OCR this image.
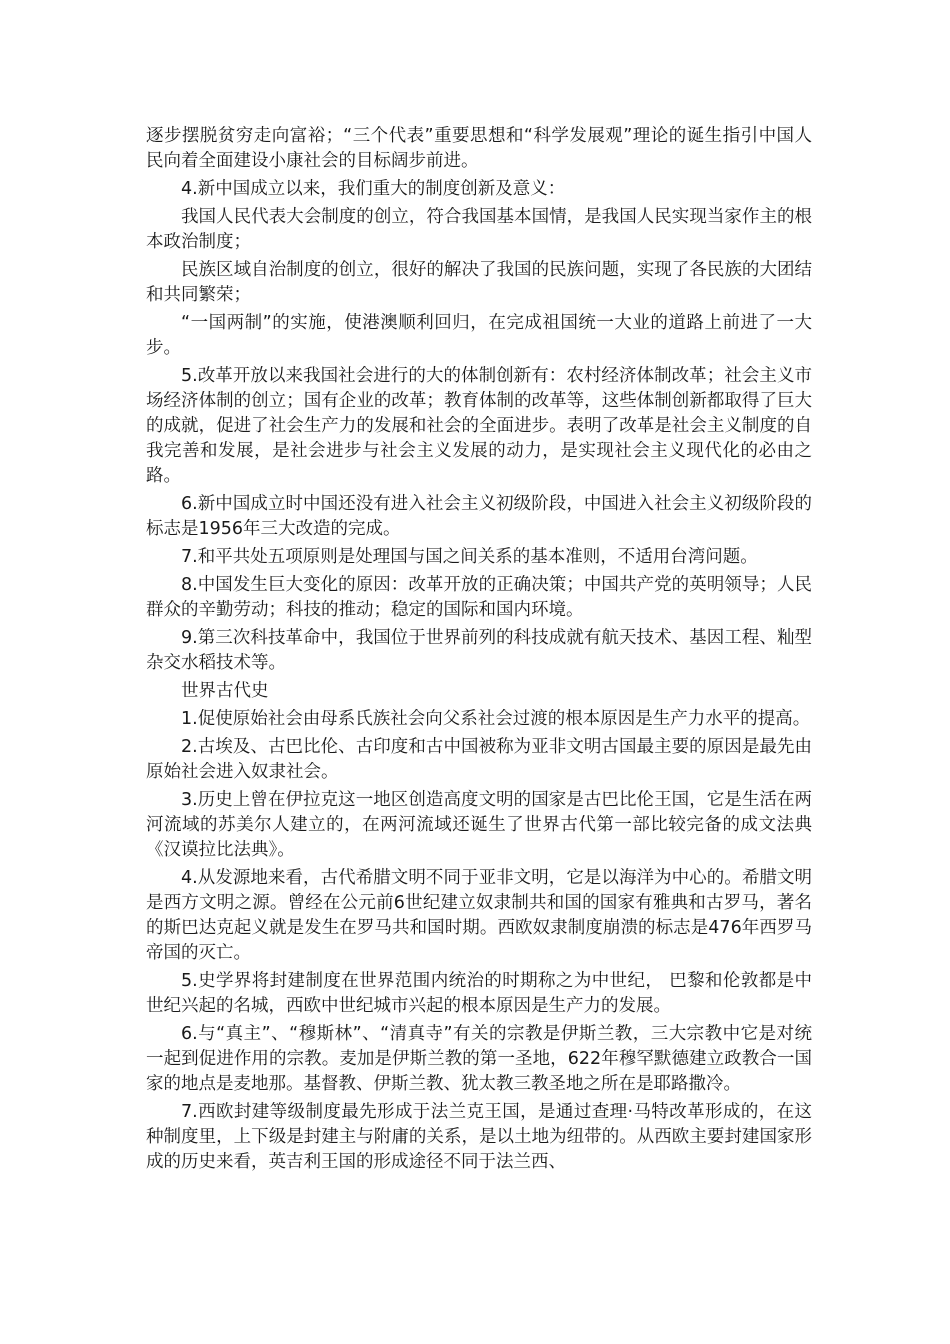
逐步摆脱贫穷走向富裕；“三个代表”重要思想和“科学发展观”理论的诞生指引中国人民向着全面建设小康社会的目标阔步前进。

4.新中国成立以来，我们重大的制度创新及意义：

我国人民代表大会制度的创立，符合我国基本国情，是我国人民实现当家作主的根本政治制度；

民族区域自治制度的创立，很好的解决了我国的民族问题，实现了各民族的大团结和共同繁荣；

“一国两制”的实施，使港澳顺利回归，在完成祖国统一大业的道路上前进了一大步。

5.改革开放以来我国社会进行的大的体制创新有：农村经济体制改革；社会主义市场经济体制的创立；国有企业的改革；教育体制的改革等，这些体制创新都取得了巨大的成就，促进了社会生产力的发展和社会的全面进步。表明了改革是社会主义制度的自我完善和发展，是社会进步与社会主义发展的动力，是实现社会主义现代化的必由之路。

6.新中国成立时中国还没有进入社会主义初级阶段，中国进入社会主义初级阶段的标志是1956年三大改造的完成。

7.和平共处五项原则是处理国与国之间关系的基本准则，不适用台湾问题。

8.中国发生巨大变化的原因：改革开放的正确决策；中国共产党的英明领导；人民群众的辛勤劳动；科技的推动；稳定的国际和国内环境。

9.第三次科技革命中，我国位于世界前列的科技成就有航天技术、基因工程、籼型杂交水稻技术等。

世界古代史

1.促使原始社会由母系氏族社会向父系社会过渡的根本原因是生产力水平的提高。

2.古埃及、古巴比伦、古印度和古中国被称为亚非文明古国最主要的原因是最先由原始社会进入奴隶社会。

3.历史上曾在伊拉克这一地区创造高度文明的国家是古巴比伦王国，它是生活在两河流域的苏美尔人建立的，在两河流域还诞生了世界古代第一部比较完备的成文法典《汉谟拉比法典》。

4.从发源地来看，古代希腊文明不同于亚非文明，它是以海洋为中心的。希腊文明是西方文明之源。曾经在公元前6世纪建立奴隶制共和国的国家有雅典和古罗马，著名的斯巴达克起义就是发生在罗马共和国时期。西欧奴隶制度崩溃的标志是476年西罗马帝国的灭亡。

5.史学界将封建制度在世界范围内统治的时期称之为中世纪， 巴黎和伦敦都是中世纪兴起的名城，西欧中世纪城市兴起的根本原因是生产力的发展。

6.与“真主”、“穆斯林”、“清真寺”有关的宗教是伊斯兰教，三大宗教中它是对统一起到促进作用的宗教。麦加是伊斯兰教的第一圣地，622年穆罕默德建立政教合一国家的地点是麦地那。基督教、伊斯兰教、犹太教三教圣地之所在是耶路撒冷。

7.西欧封建等级制度最先形成于法兰克王国，是通过查理·马特改革形成的，在这种制度里，上下级是封建主与附庸的关系，是以土地为纽带的。从西欧主要封建国家形成的历史来看，英吉利王国的形成途径不同于法兰西、
